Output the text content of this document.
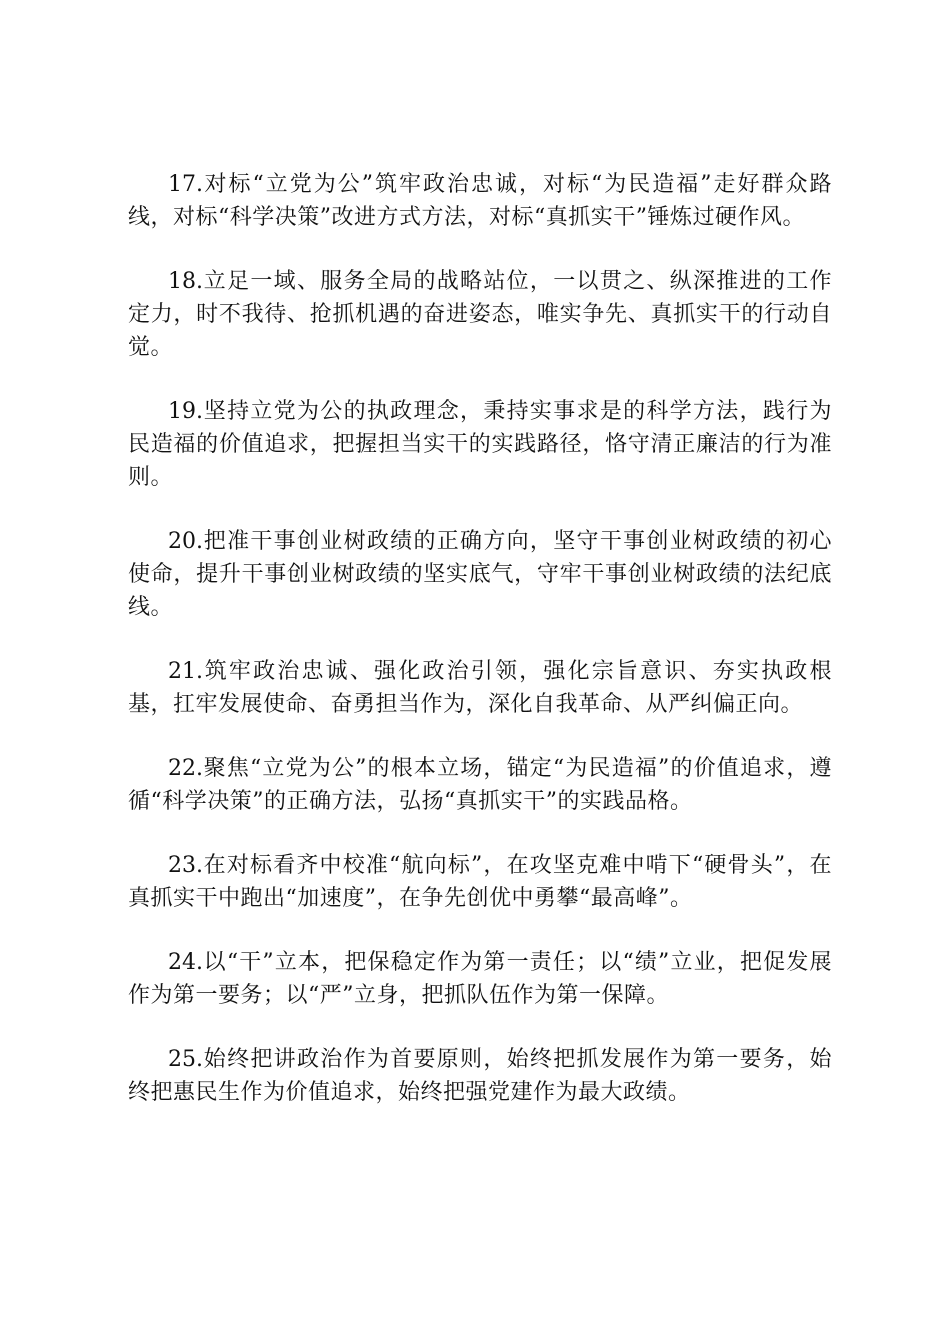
17.对标“立党为公”筑牢政治忠诚，对标“为民造福”走好群众路线，对标“科学决策”改进方式方法，对标“真抓实干”锤炼过硬作风。

18.立足一域、服务全局的战略站位，一以贯之、纵深推进的工作定力，时不我待、抢抓机遇的奋进姿态，唯实争先、真抓实干的行动自觉。

19.坚持立党为公的执政理念，秉持实事求是的科学方法，践行为民造福的价值追求，把握担当实干的实践路径，恪守清正廉洁的行为准则。

20.把准干事创业树政绩的正确方向，坚守干事创业树政绩的初心使命，提升干事创业树政绩的坚实底气，守牢干事创业树政绩的法纪底线。

21.筑牢政治忠诚、强化政治引领，强化宗旨意识、夯实执政根基，扛牢发展使命、奋勇担当作为，深化自我革命、从严纠偏正向。

22.聚焦“立党为公”的根本立场，锚定“为民造福”的价值追求，遵循“科学决策”的正确方法，弘扬“真抓实干”的实践品格。

23.在对标看齐中校准“航向标”，在攻坚克难中啃下“硬骨头”，在真抓实干中跑出“加速度”，在争先创优中勇攀“最高峰”。

24.以“干”立本，把保稳定作为第一责任；以“绩”立业，把促发展作为第一要务；以“严”立身，把抓队伍作为第一保障。

25.始终把讲政治作为首要原则，始终把抓发展作为第一要务，始终把惠民生作为价值追求，始终把强党建作为最大政绩。
